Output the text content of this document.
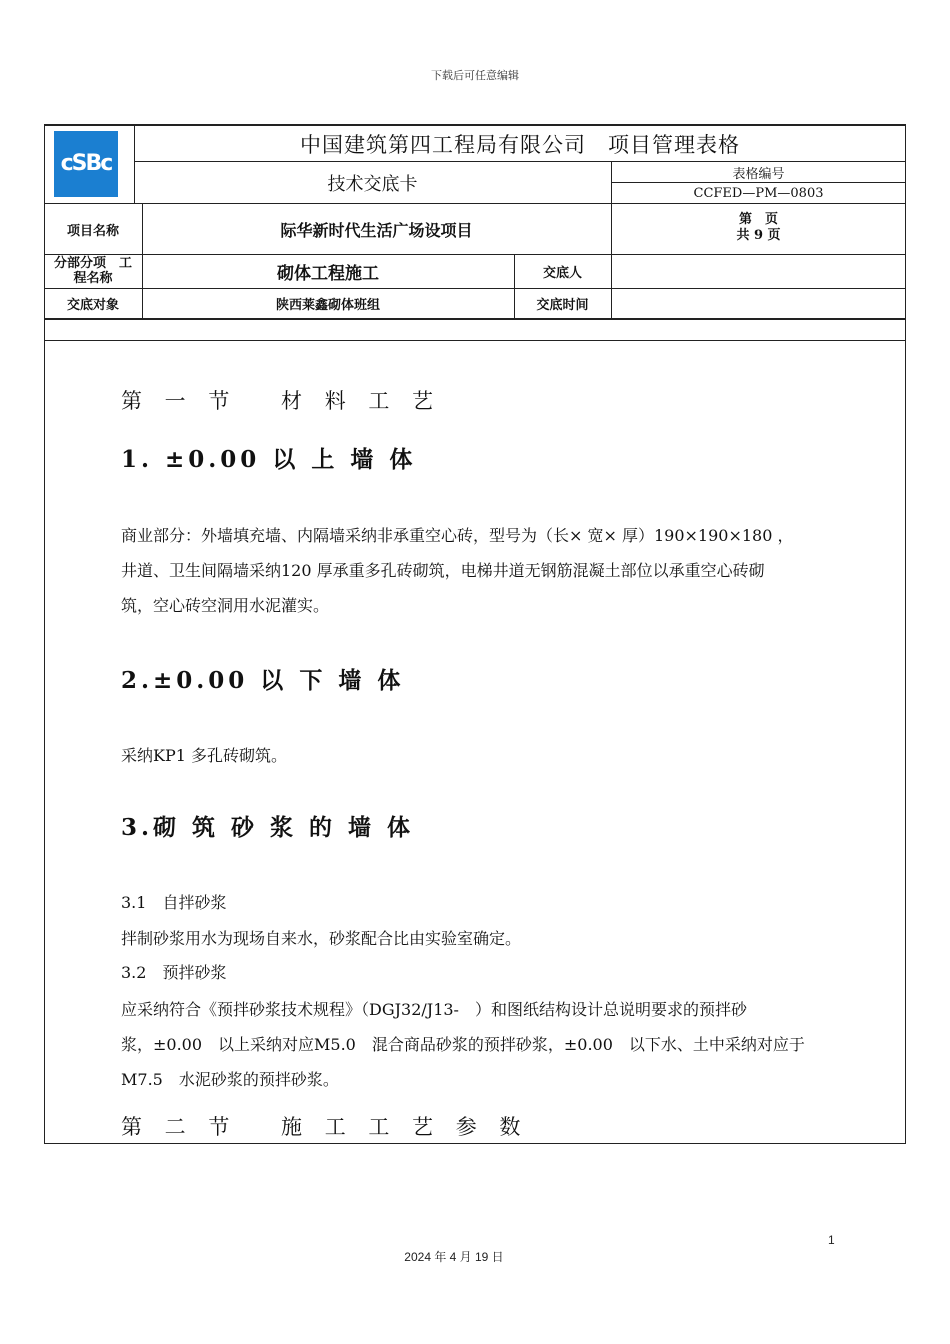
下载后可任意编辑
cSBc
中国建筑第四工程局有限公司　项目管理表格
技术交底卡	表格编号
CCFED—PM—0803
项目名称	际华新时代生活广场设项目
第　页
共 9 页
分部分项　工
程名称	砌体工程施工	交底人
交底对象	陕西莱鑫砌体班组	交底时间
第 一 节　 材 料 工 艺
1. ±0.00 以 上 墙 体
商业部分：外墙填充墙、内隔墙采纳非承重空心砖，型号为（长× 宽× 厚）190×190×180 ，
井道、卫生间隔墙采纳120 厚承重多孔砖砌筑，电梯井道无钢筋混凝土部位以承重空心砖砌
筑，空心砖空洞用水泥灌实。
2.±0.00 以 下 墙 体
采纳KP1 多孔砖砌筑。
3.砌 筑 砂 浆 的 墙 体
3.1　自拌砂浆
拌制砂浆用水为现场自来水，砂浆配合比由实验室确定。
3.2　预拌砂浆
应采纳符合《预拌砂浆技术规程》（DGJ32/J13-　）和图纸结构设计总说明要求的预拌砂
浆，±0.00　以上采纳对应M5.0　混合商品砂浆的预拌砂浆，±0.00　以下水、土中采纳对应于
M7.5　水泥砂浆的预拌砂浆。
第 二 节　 施 工 工 艺 参 数
1
2024 年 4 月 19 日
